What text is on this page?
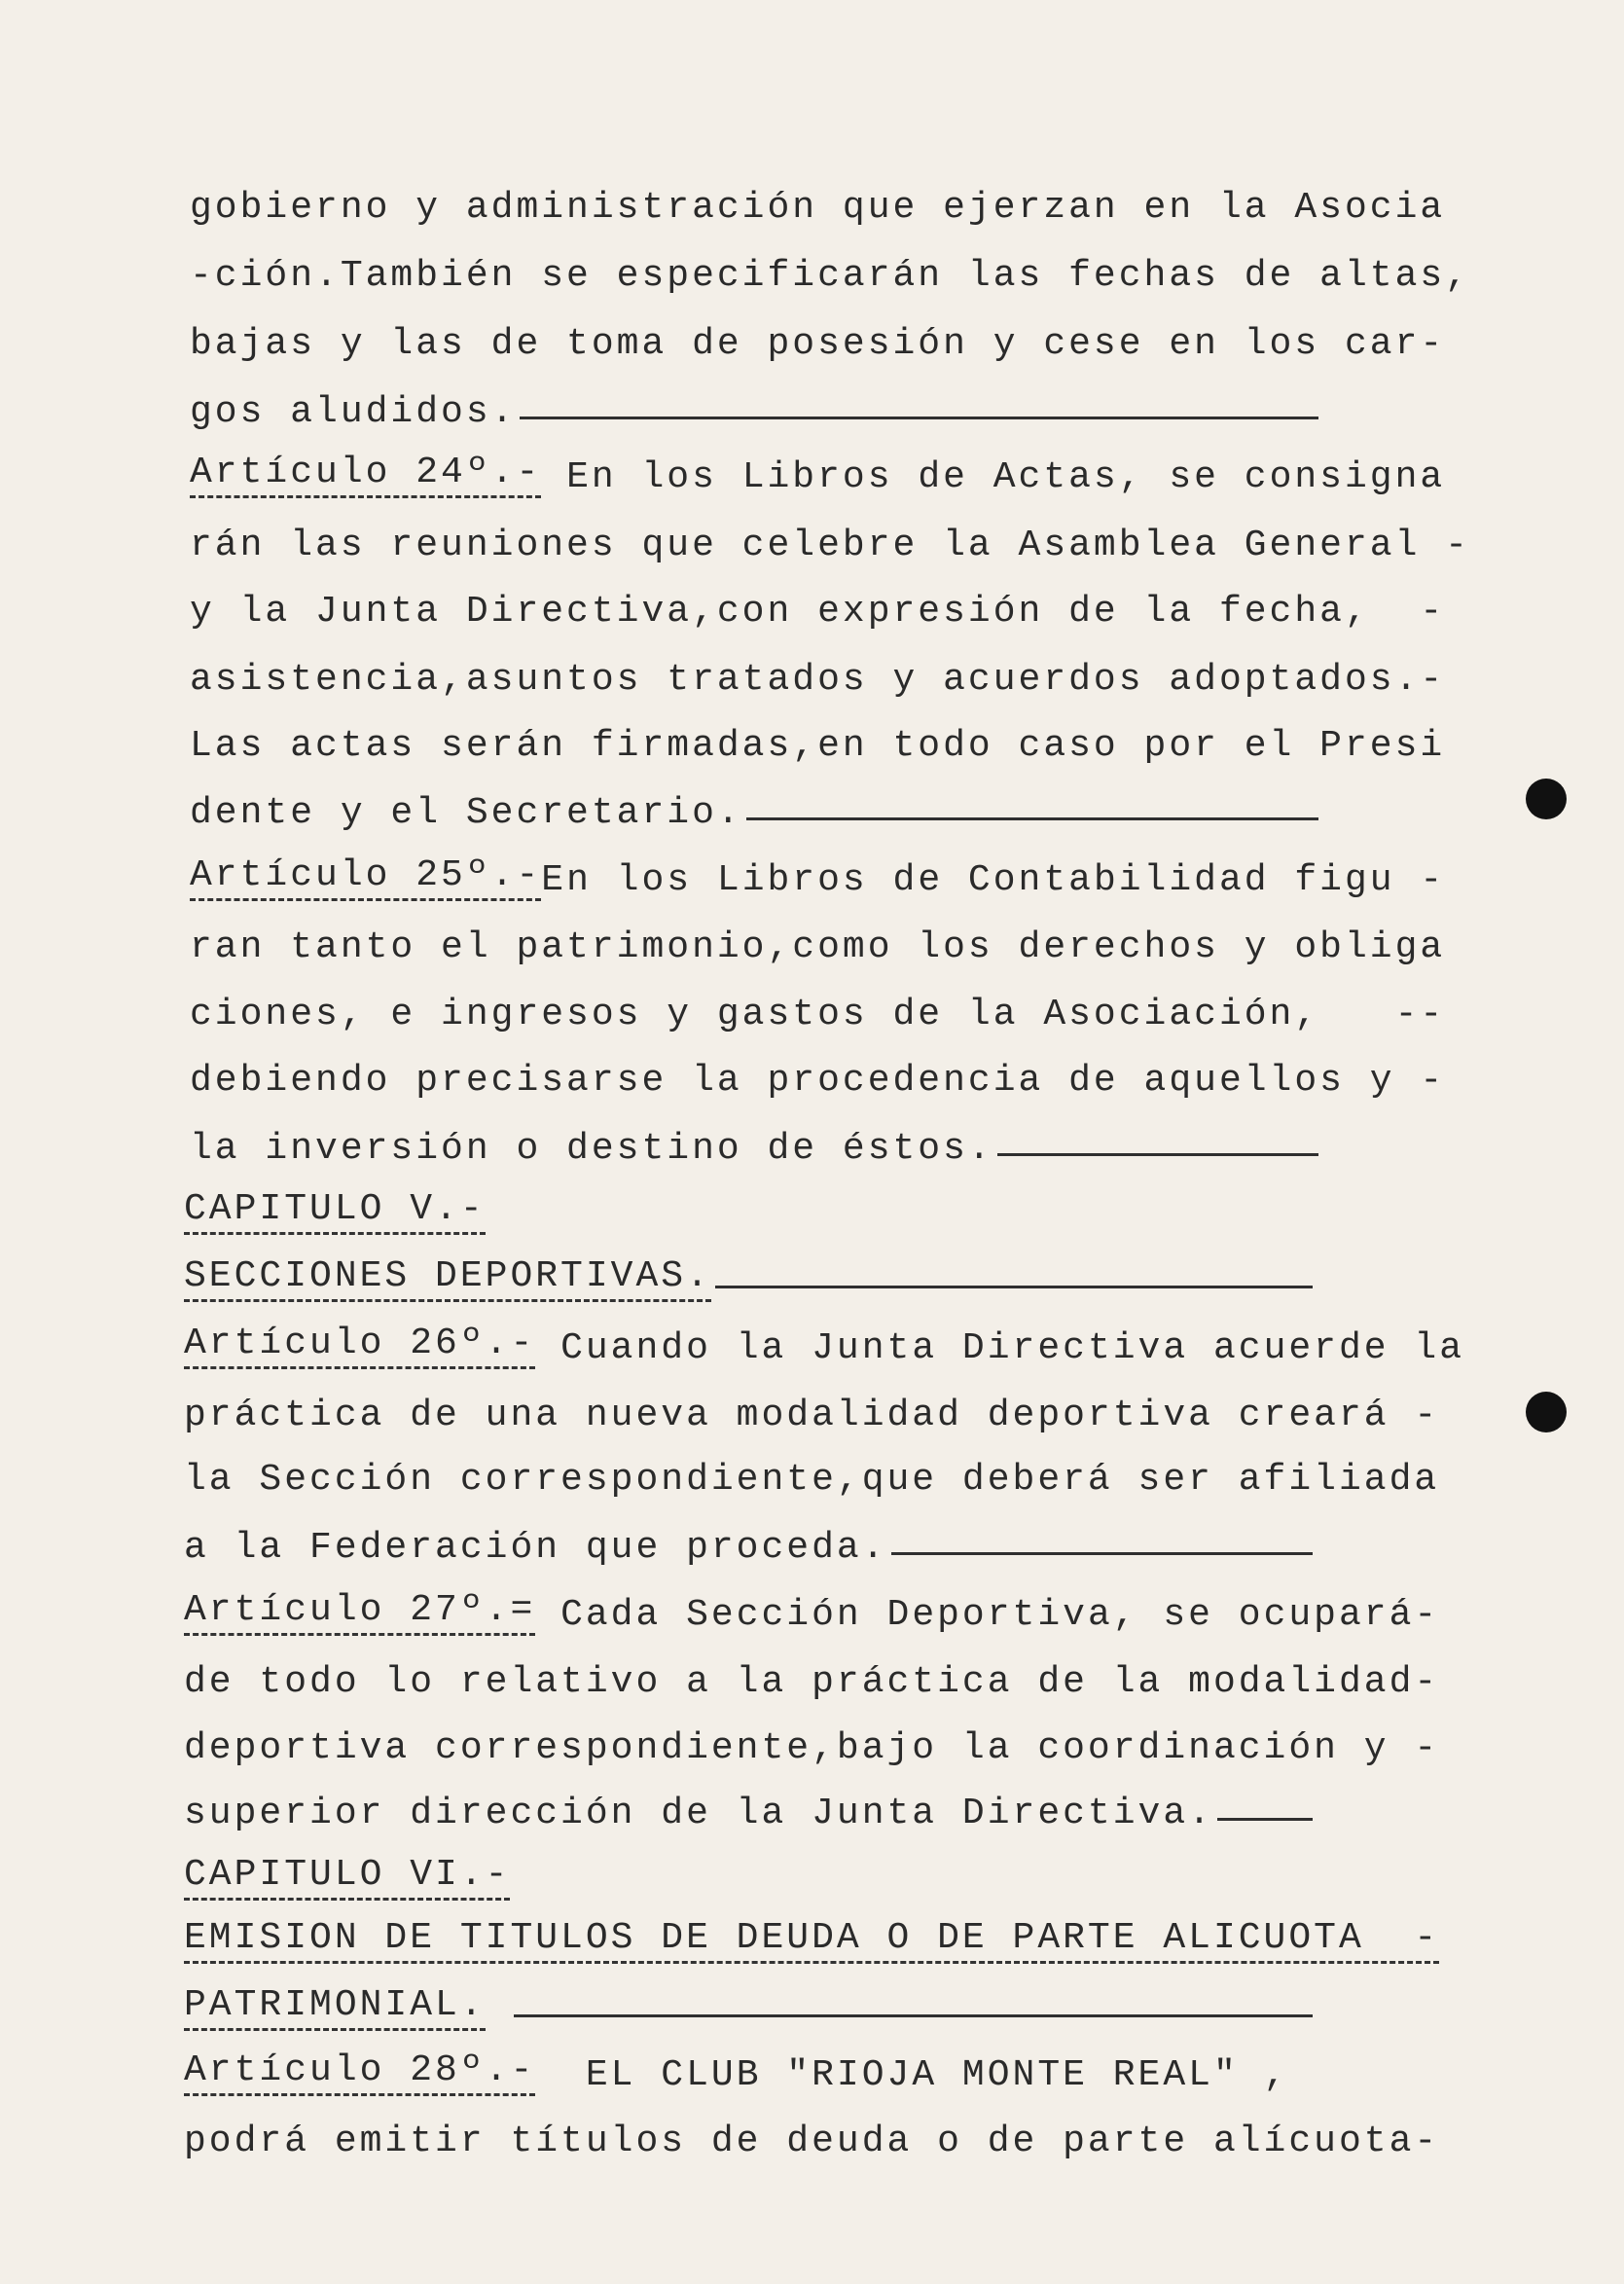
gobierno y administración que ejerzan en la Asocia
-ción.También se especificarán las fechas de altas,
bajas y las de toma de posesión y cese en los car-
gos aludidos.
Artículo 24º.- En los Libros de Actas, se consigna
rán las reuniones que celebre la Asamblea General -
y la Junta Directiva,con expresión de la fecha,  -
asistencia,asuntos tratados y acuerdos adoptados.-
Las actas serán firmadas,en todo caso por el Presi
dente y el Secretario.
Artículo 25º.- En los Libros de Contabilidad figu -
ran tanto el patrimonio,como los derechos y obliga
ciones, e ingresos y gastos de la Asociación,   --
debiendo precisarse la procedencia de aquellos y -
la inversión o destino de éstos.
CAPITULO V.-
SECCIONES DEPORTIVAS.
Artículo 26º.- Cuando la Junta Directiva acuerde la
práctica de una nueva modalidad deportiva creará -
la Sección correspondiente,que deberá ser afiliada
a la Federación que proceda.
Artículo 27º.= Cada Sección Deportiva, se ocupará-
de todo lo relativo a la práctica de la modalidad-
deportiva correspondiente,bajo la coordinación y -
superior dirección de la Junta Directiva.
CAPITULO VI.-
EMISION DE TITULOS DE DEUDA O DE PARTE ALICUOTA  -
PATRIMONIAL.

Artículo 28º.- EL CLUB "RIOJA MONTE REAL" ,
podrá emitir títulos de deuda o de parte alícuota-
